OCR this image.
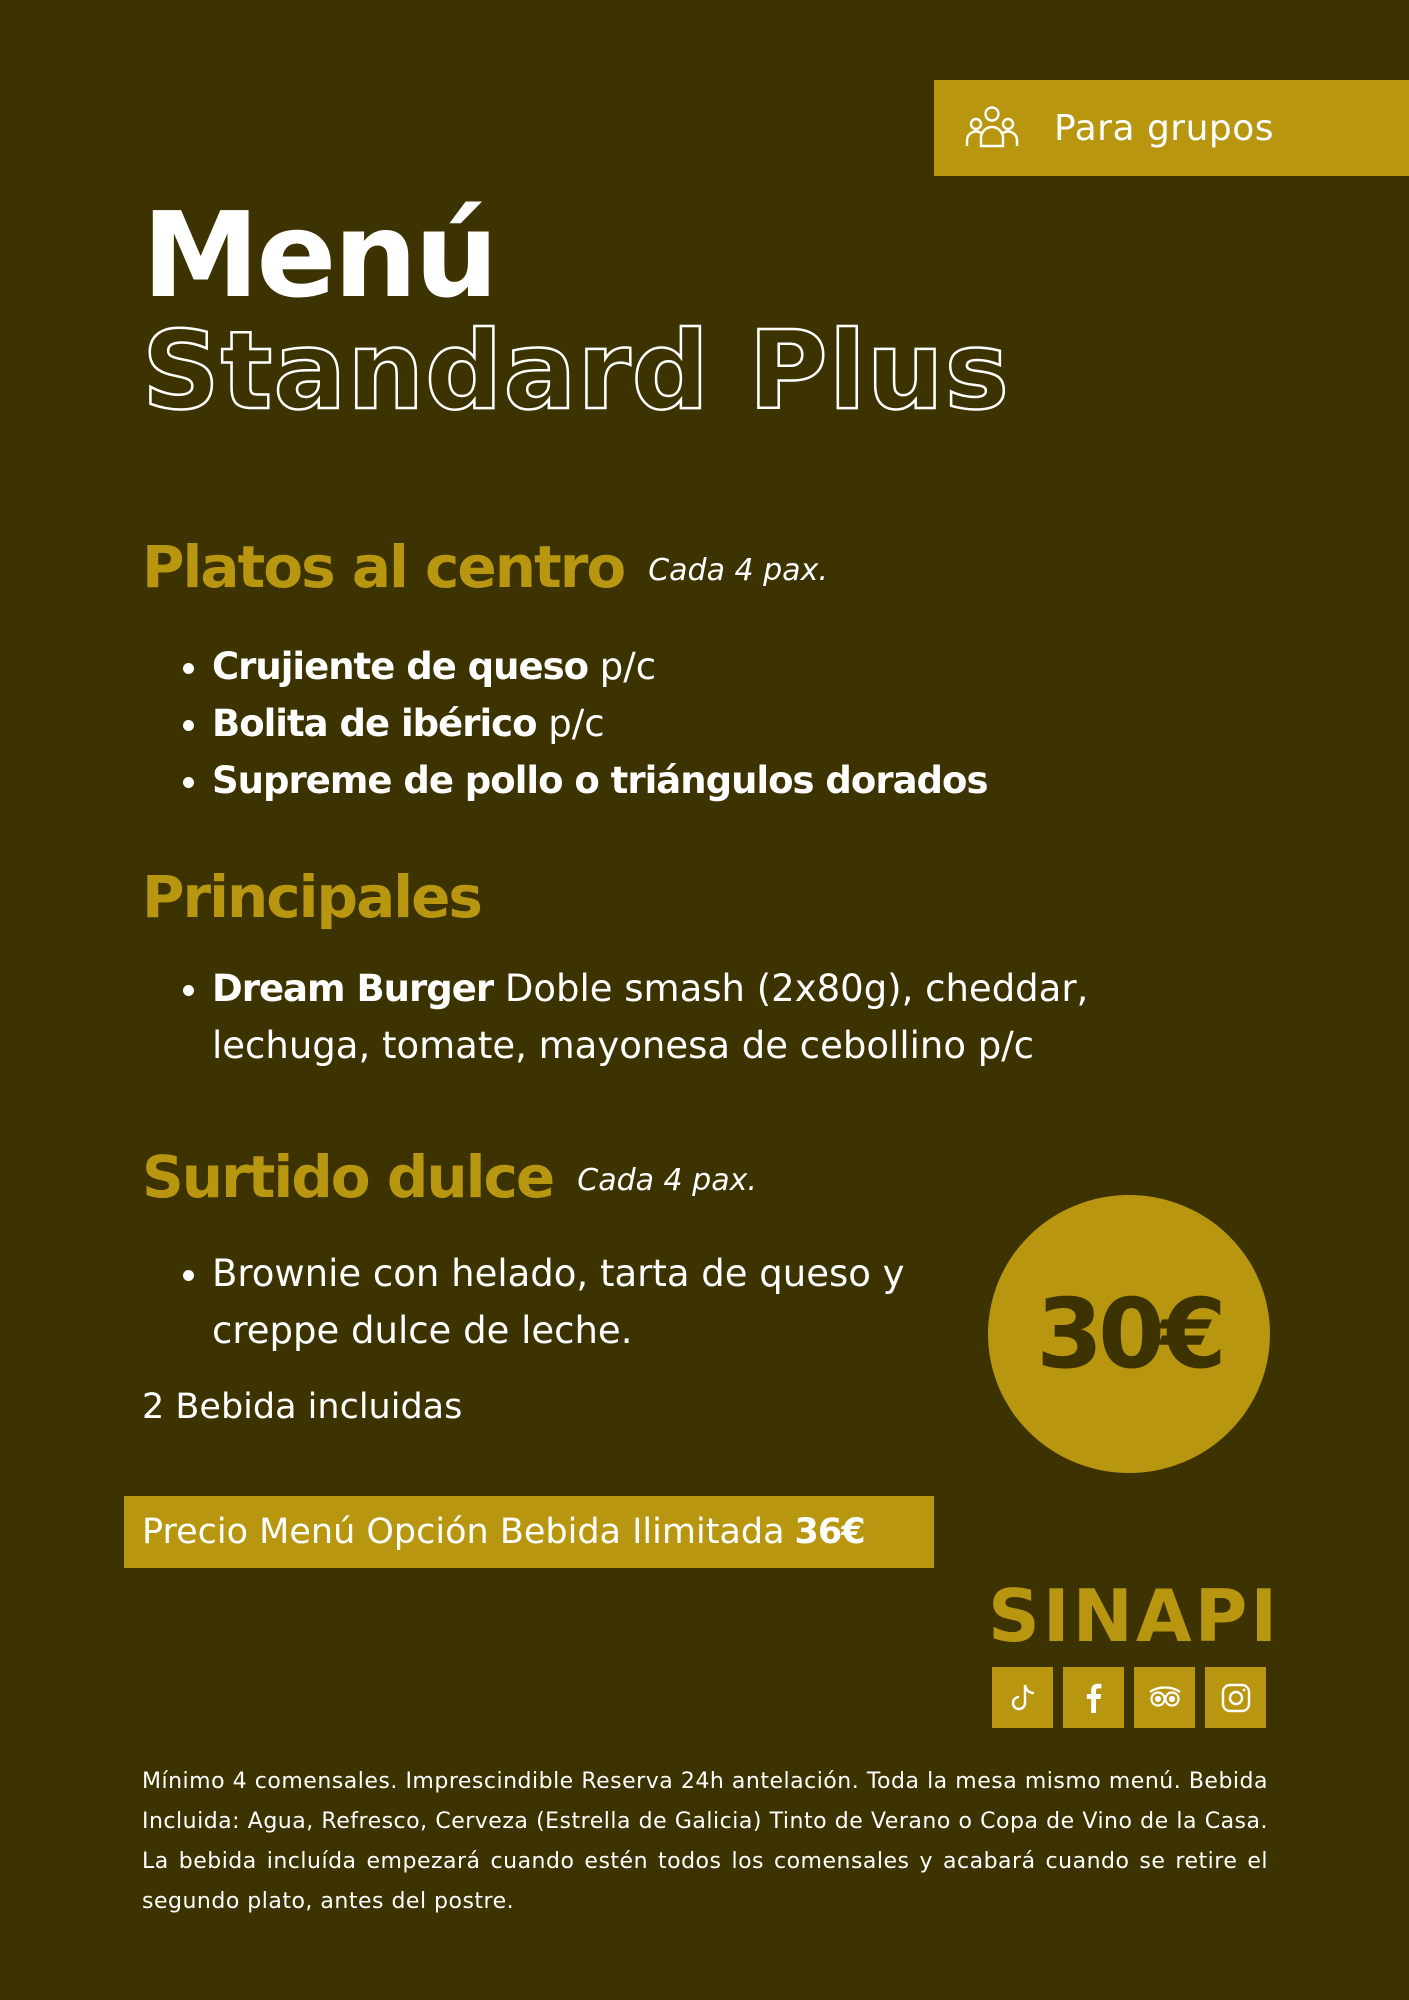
Para grupos
Menú
Standard Plus
Platos al centro Cada 4 pax.
• Crujiente de queso p/c
• Bolita de ibérico p/c
• Supreme de pollo o triángulos dorados
Principales
• Dream Burger Doble smash (2x80g), cheddar, lechuga, tomate, mayonesa de cebollino p/c
Surtido dulce Cada 4 pax.
• Brownie con helado, tarta de queso y creppe dulce de leche.
2 Bebida incluidas
30€
Precio Menú Opción Bebida Ilimitada 36€
SINAPI
Mínimo 4 comensales. Imprescindible Reserva 24h antelación. Toda la mesa mismo menú. Bebida Incluida: Agua, Refresco, Cerveza (Estrella de Galicia) Tinto de Verano o Copa de Vino de la Casa. La bebida incluída empezará cuando estén todos los comensales y acabará cuando se retire el segundo plato, antes del postre.
